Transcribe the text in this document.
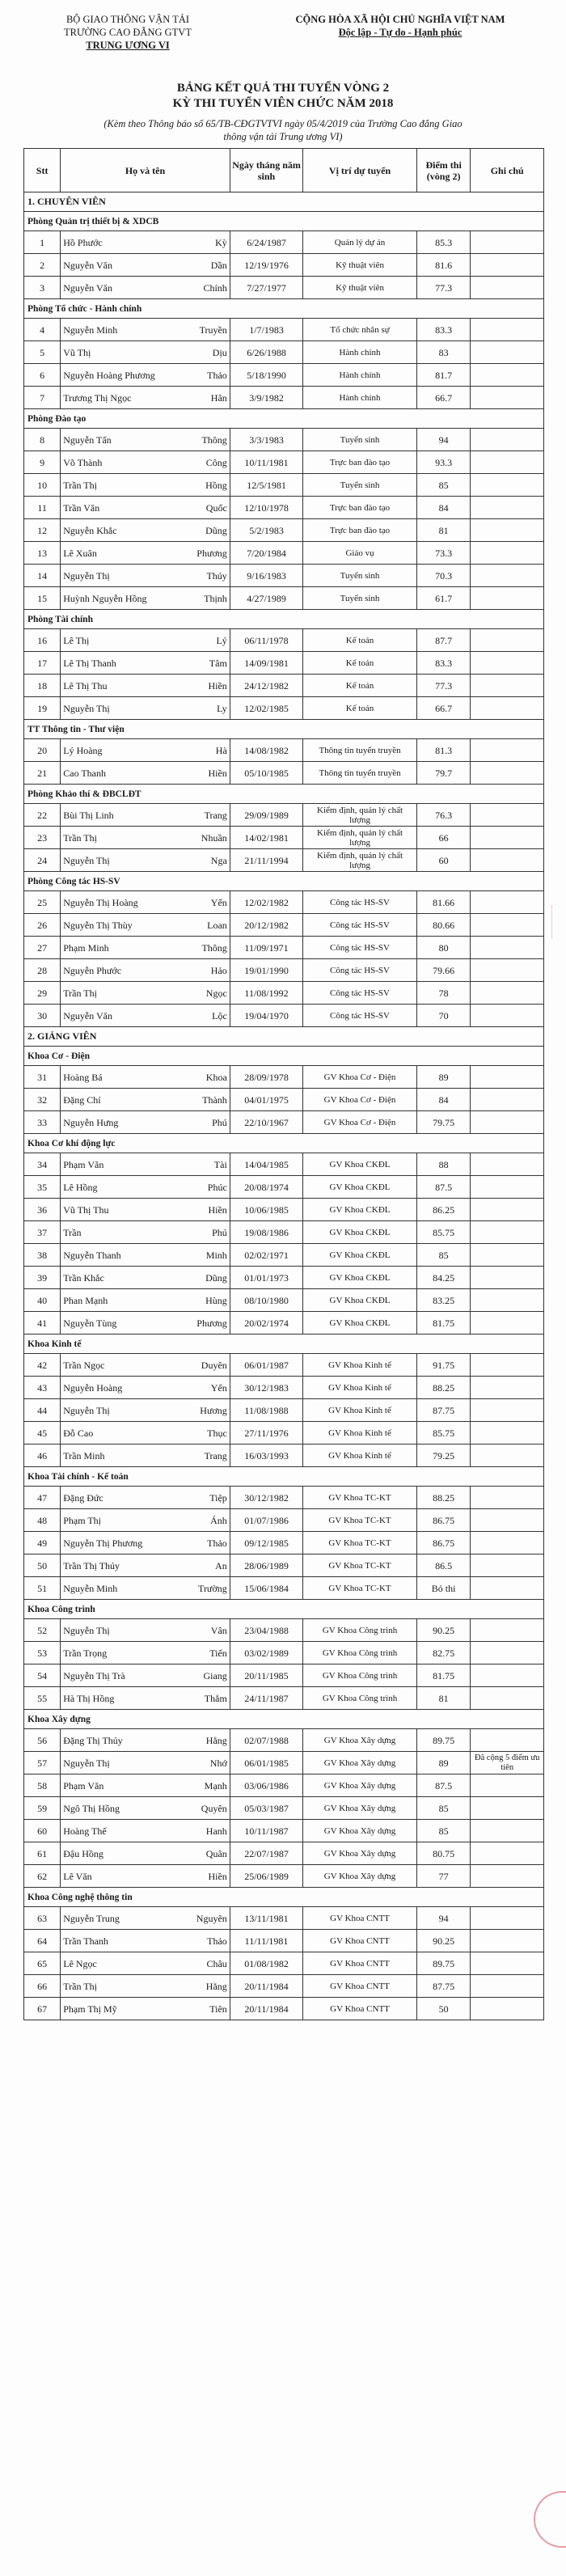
BỘ GIAO THÔNG VẬN TẢI
TRƯỜNG CAO ĐẲNG GTVT
TRUNG ƯƠNG VI
CỘNG HÒA XÃ HỘI CHỦ NGHĨA VIỆT NAM
Độc lập - Tự do - Hạnh phúc
BẢNG KẾT QUẢ THI TUYỂN VÒNG 2
KỲ THI TUYỂN VIÊN CHỨC NĂM 2018
(Kèm theo Thông báo số 65/TB-CĐGTVTVI ngày 05/4/2019 của Trường Cao đẳng Giao thông vận tải Trung ương VI)
Stt	Họ và tên		Ngày tháng năm sinh	Vị trí dự tuyển	Điểm thi (vòng 2)	Ghi chú
1. CHUYÊN VIÊN						
Phòng Quản trị thiết bị & XDCB						
1	Hồ Phước	Kỳ	6/24/1987	Quản lý dự án	85.3	
2	Nguyễn Văn	Dần	12/19/1976	Kỹ thuật viên	81.6	
3	Nguyễn Văn	Chính	7/27/1977	Kỹ thuật viên	77.3	
Phòng Tổ chức - Hành chính						
4	Nguyễn Minh	Truyền	1/7/1983	Tổ chức nhân sự	83.3	
5	Vũ Thị	Dịu	6/26/1988	Hành chính	83	
6	Nguyễn Hoàng Phương	Thảo	5/18/1990	Hành chính	81.7	
7	Trương Thị Ngọc	Hân	3/9/1982	Hành chính	66.7	
Phòng Đào tạo						
8	Nguyễn Tấn	Thông	3/3/1983	Tuyển sinh	94	
9	Võ Thành	Công	10/11/1981	Trực ban đào tạo	93.3	
10	Trần Thị	Hồng	12/5/1981	Tuyển sinh	85	
11	Trần Văn	Quốc	12/10/1978	Trực ban đào tạo	84	
12	Nguyễn Khắc	Dũng	5/2/1983	Trực ban đào tạo	81	
13	Lê Xuân	Phương	7/20/1984	Giáo vụ	73.3	
14	Nguyễn Thị	Thúy	9/16/1983	Tuyển sinh	70.3	
15	Huỳnh Nguyễn Hồng	Thịnh	4/27/1989	Tuyển sinh	61.7	
Phòng Tài chính						
16	Lê Thị	Lý	06/11/1978	Kế toán	87.7	
17	Lê Thị Thanh	Tâm	14/09/1981	Kế toán	83.3	
18	Lê Thị Thu	Hiền	24/12/1982	Kế toán	77.3	
19	Nguyễn Thị	Ly	12/02/1985	Kế toán	66.7	
TT Thông tin - Thư viện						
20	Lý Hoàng	Hà	14/08/1982	Thông tin tuyển truyền	81.3	
21	Cao Thanh	Hiền	05/10/1985	Thông tin tuyển truyền	79.7	
Phòng Khảo thí & ĐBCLĐT						
22	Bùi Thị Linh	Trang	29/09/1989	Kiểm định, quản lý chất lượng	76.3	
23	Trần Thị	Nhuần	14/02/1981	Kiểm định, quản lý chất lượng	66	
24	Nguyễn Thị	Nga	21/11/1994	Kiểm định, quản lý chất lượng	60	
Phòng Công tác HS-SV						
25	Nguyễn Thị Hoàng	Yến	12/02/1982	Công tác HS-SV	81.66	
26	Nguyễn Thị Thùy	Loan	20/12/1982	Công tác HS-SV	80.66	
27	Phạm Minh	Thông	11/09/1971	Công tác HS-SV	80	
28	Nguyễn Phước	Hảo	19/01/1990	Công tác HS-SV	79.66	
29	Trần Thị	Ngọc	11/08/1992	Công tác HS-SV	78	
30	Nguyễn Văn	Lộc	19/04/1970	Công tác HS-SV	70	
2. GIẢNG VIÊN						
Khoa Cơ - Điện						
31	Hoàng Bá	Khoa	28/09/1978	GV Khoa Cơ - Điện	89	
32	Đặng Chí	Thành	04/01/1975	GV Khoa Cơ - Điện	84	
33	Nguyễn Hưng	Phú	22/10/1967	GV Khoa Cơ - Điện	79.75	
Khoa Cơ khí động lực						
34	Phạm Văn	Tài	14/04/1985	GV Khoa CKĐL	88	
35	Lê Hồng	Phúc	20/08/1974	GV Khoa CKĐL	87.5	
36	Vũ Thị Thu	Hiền	10/06/1985	GV Khoa CKĐL	86.25	
37	Trần	Phú	19/08/1986	GV Khoa CKĐL	85.75	
38	Nguyễn Thanh	Minh	02/02/1971	GV Khoa CKĐL	85	
39	Trần Khắc	Dũng	01/01/1973	GV Khoa CKĐL	84.25	
40	Phan Mạnh	Hùng	08/10/1980	GV Khoa CKĐL	83.25	
41	Nguyễn Tùng	Phương	20/02/1974	GV Khoa CKĐL	81.75	
Khoa Kinh tế						
42	Trần Ngọc	Duyên	06/01/1987	GV Khoa Kinh tế	91.75	
43	Nguyễn Hoàng	Yến	30/12/1983	GV Khoa Kinh tế	88.25	
44	Nguyễn Thị	Hương	11/08/1988	GV Khoa Kinh tế	87.75	
45	Đỗ Cao	Thục	27/11/1976	GV Khoa Kinh tế	85.75	
46	Trần Minh	Trang	16/03/1993	GV Khoa Kinh tế	79.25	
Khoa Tài chính - Kế toán						
47	Đặng Đức	Tiệp	30/12/1982	GV Khoa TC-KT	88.25	
48	Phạm Thị	Ánh	01/07/1986	GV Khoa TC-KT	86.75	
49	Nguyễn Thị Phương	Thảo	09/12/1985	GV Khoa TC-KT	86.75	
50	Trần Thị Thúy	An	28/06/1989	GV Khoa TC-KT	86.5	
51	Nguyễn Minh	Trường	15/06/1984	GV Khoa TC-KT	Bỏ thi	
Khoa Công trình						
52	Nguyễn Thị	Vân	23/04/1988	GV Khoa Công trình	90.25	
53	Trần Trọng	Tiến	03/02/1989	GV Khoa Công trình	82.75	
54	Nguyễn Thị Trà	Giang	20/11/1985	GV Khoa Công trình	81.75	
55	Hà Thị Hồng	Thắm	24/11/1987	GV Khoa Công trình	81	
Khoa Xây dựng						
56	Đặng Thị Thủy	Hằng	02/07/1988	GV Khoa Xây dựng	89.75	
57	Nguyễn Thị	Nhớ	06/01/1985	GV Khoa Xây dựng	89	Đã cộng 5 điểm ưu tiên
58	Phạm Văn	Mạnh	03/06/1986	GV Khoa Xây dựng	87.5	
59	Ngô Thị Hồng	Quyên	05/03/1987	GV Khoa Xây dựng	85	
60	Hoàng Thế	Hanh	10/11/1987	GV Khoa Xây dựng	85	
61	Đậu Hồng	Quân	22/07/1987	GV Khoa Xây dựng	80.75	
62	Lê Văn	Hiền	25/06/1989	GV Khoa Xây dựng	77	
Khoa Công nghệ thông tin						
63	Nguyễn Trung	Nguyên	13/11/1981	GV Khoa CNTT	94	
64	Trần Thanh	Thảo	11/11/1981	GV Khoa CNTT	90.25	
65	Lê Ngọc	Châu	01/08/1982	GV Khoa CNTT	89.75	
66	Trần Thị	Hằng	20/11/1984	GV Khoa CNTT	87.75	
67	Phạm Thị Mỹ	Tiên	20/11/1984	GV Khoa CNTT	50	
